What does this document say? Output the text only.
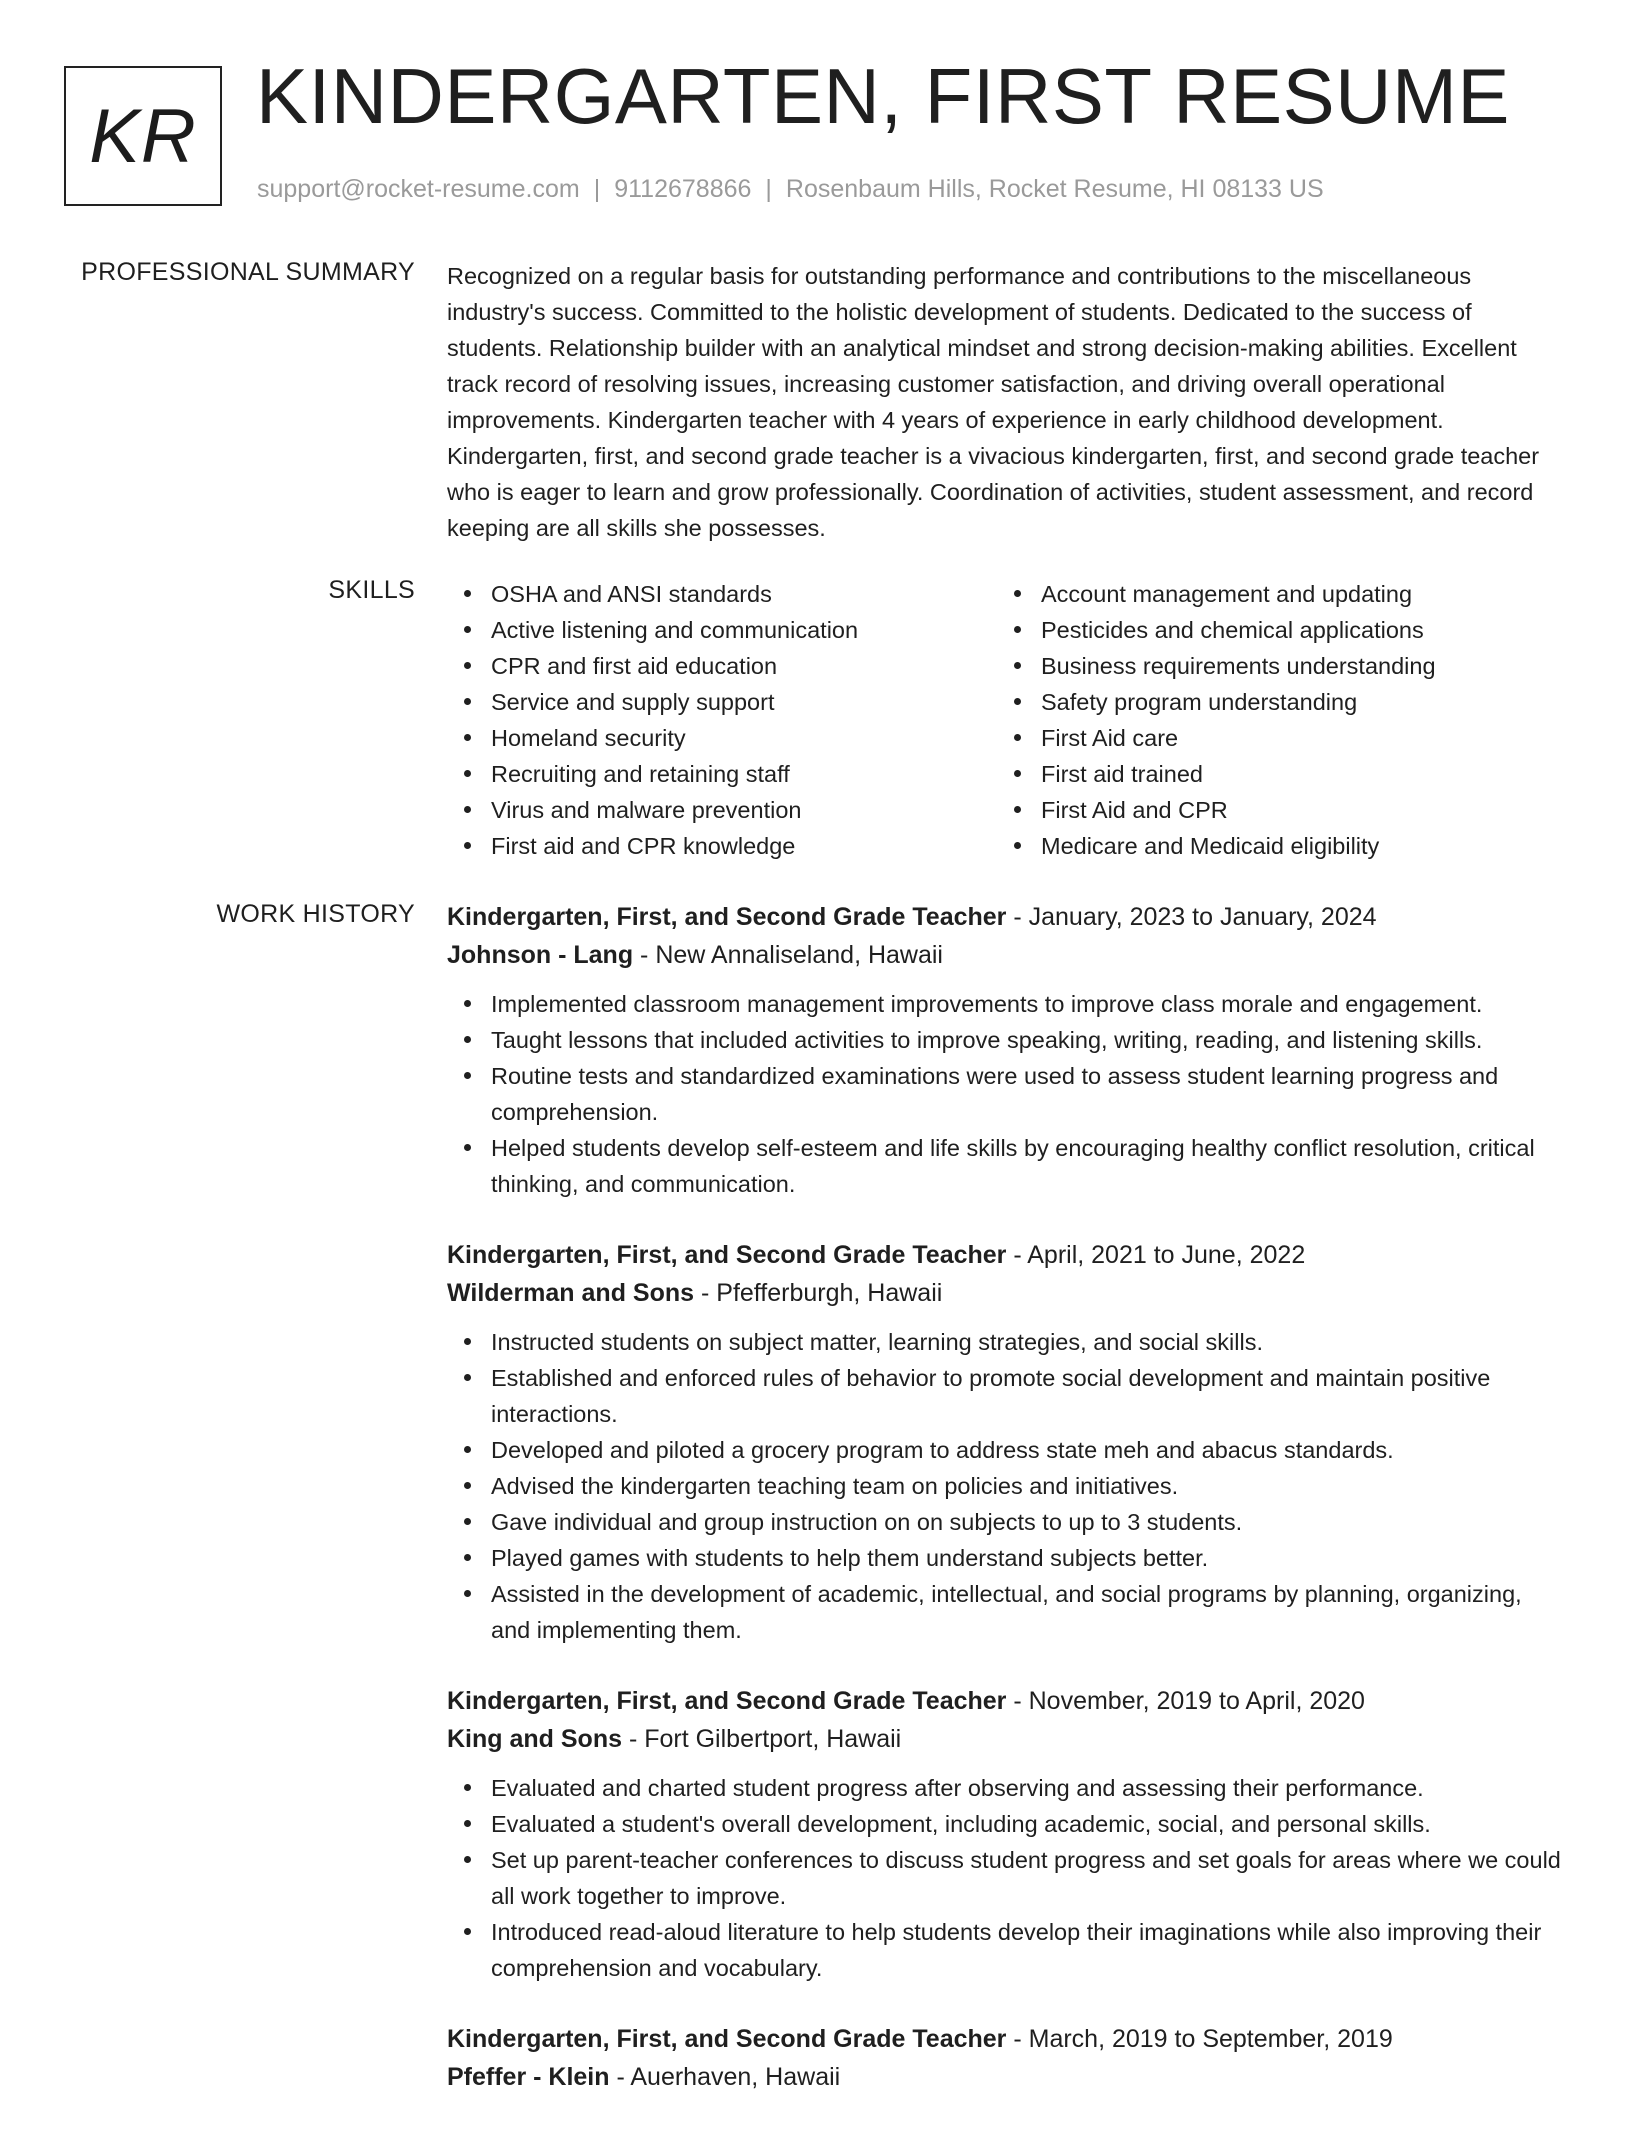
KR KINDERGARTEN, FIRST RESUME
support@rocket-resume.com | 9112678866 | Rosenbaum Hills, Rocket Resume, HI 08133 US
PROFESSIONAL SUMMARY Recognized on a regular basis for outstanding performance and contributions to the miscellaneous industry's success. Committed to the holistic development of students. Dedicated to the success of students. Relationship builder with an analytical mindset and strong decision-making abilities. Excellent track record of resolving issues, increasing customer satisfaction, and driving overall operational improvements. Kindergarten teacher with 4 years of experience in early childhood development. Kindergarten, first, and second grade teacher is a vivacious kindergarten, first, and second grade teacher who is eager to learn and grow professionally. Coordination of activities, student assessment, and record keeping are all skills she possesses.

SKILLS	OSHA and ANSI standards
Active listening and communication
CPR and first aid education
Service and supply support
Homeland security
Recruiting and retaining staff
Virus and malware prevention
First aid and CPR knowledge
Account management and updating
Pesticides and chemical applications
Business requirements understanding
Safety program understanding
First Aid care
First aid trained
First Aid and CPR
Medicare and Medicaid eligibility
WORK HISTORY Kindergarten, First, and Second Grade Teacher - January, 2023 to January, 2024
Johnson - Lang - New Annaliseland, Hawaii
Implemented classroom management improvements to improve class morale and engagement.
Taught lessons that included activities to improve speaking, writing, reading, and listening skills.
Routine tests and standardized examinations were used to assess student learning progress and comprehension.
Helped students develop self-esteem and life skills by encouraging healthy conflict resolution, critical thinking, and communication.
Kindergarten, First, and Second Grade Teacher - April, 2021 to June, 2022
Wilderman and Sons - Pfefferburgh, Hawaii
Instructed students on subject matter, learning strategies, and social skills.
Established and enforced rules of behavior to promote social development and maintain positive interactions.
Developed and piloted a grocery program to address state meh and abacus standards.
Advised the kindergarten teaching team on policies and initiatives.
Gave individual and group instruction on on subjects to up to 3 students.
Played games with students to help them understand subjects better.
Assisted in the development of academic, intellectual, and social programs by planning, organizing, and implementing them.
Kindergarten, First, and Second Grade Teacher - November, 2019 to April, 2020
King and Sons - Fort Gilbertport, Hawaii
Evaluated and charted student progress after observing and assessing their performance.
Evaluated a student's overall development, including academic, social, and personal skills.
Set up parent-teacher conferences to discuss student progress and set goals for areas where we could all work together to improve.
Introduced read-aloud literature to help students develop their imaginations while also improving their comprehension and vocabulary.
Kindergarten, First, and Second Grade Teacher - March, 2019 to September, 2019
Pfeffer - Klein - Auerhaven, Hawaii
